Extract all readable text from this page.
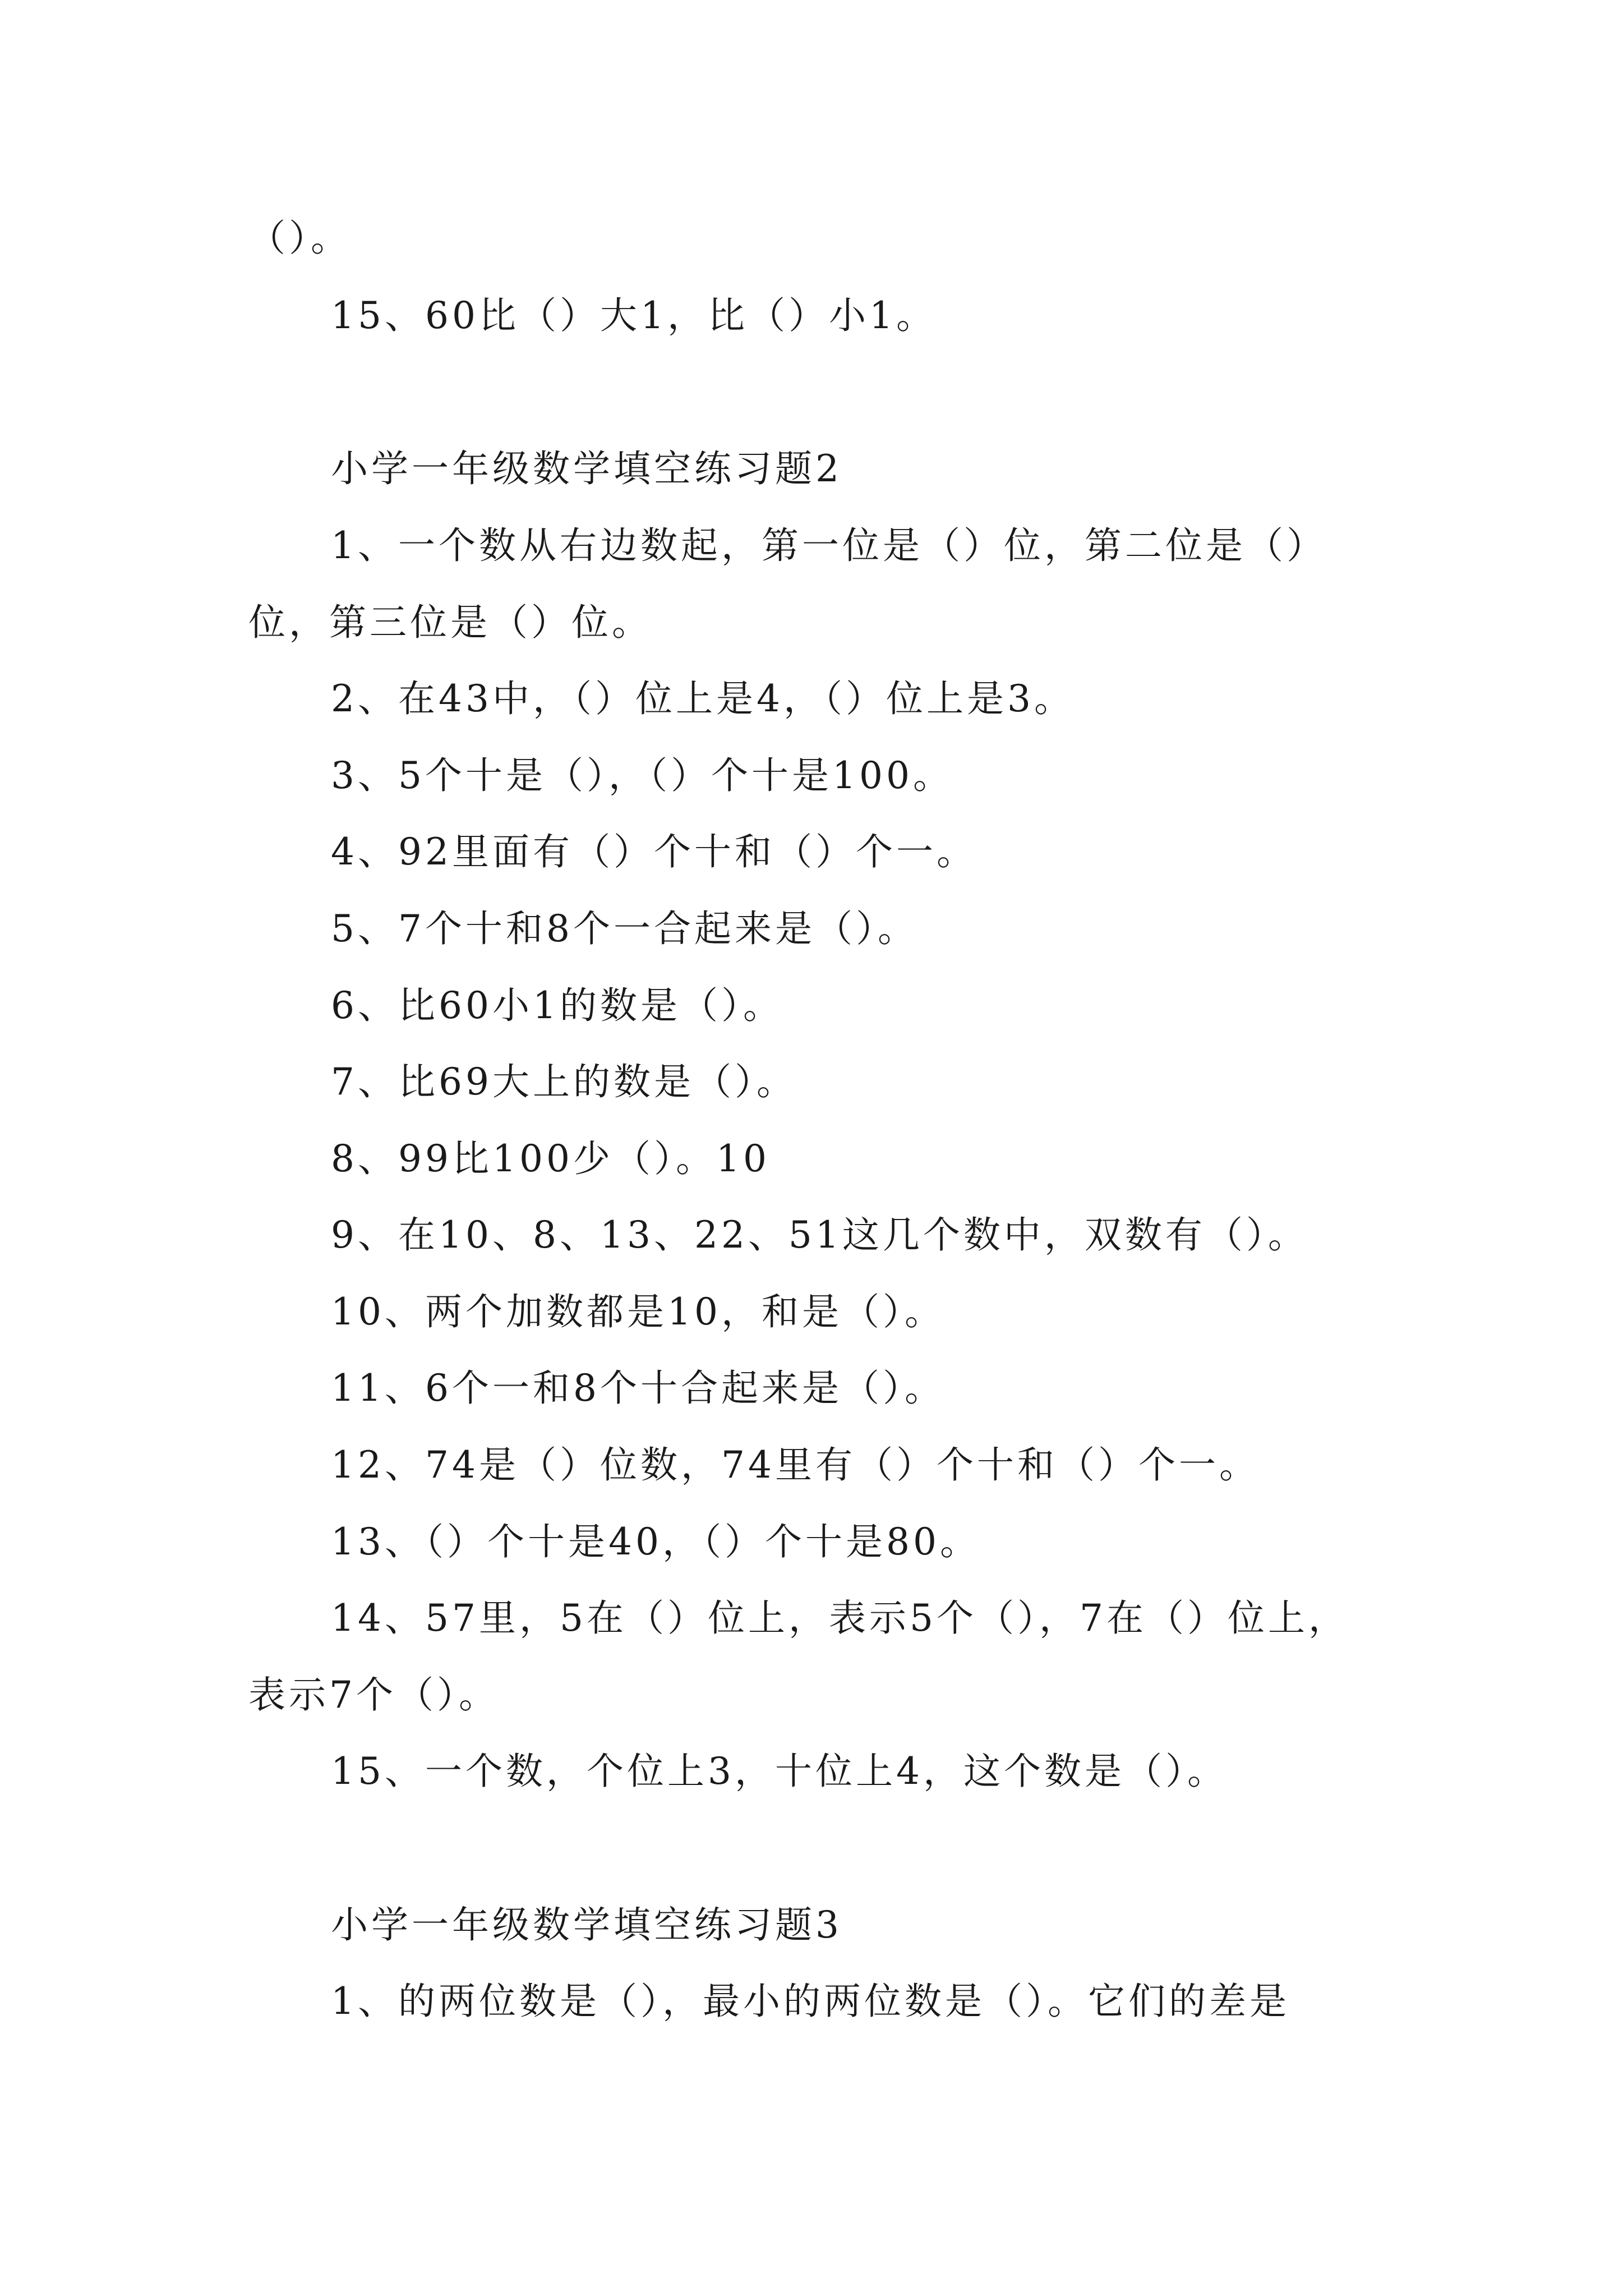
（）。
15、60比（）大1，比（）小1。
小学一年级数学填空练习题2
1、一个数从右边数起，第一位是（）位，第二位是（）
位，第三位是（）位。
2、在43中，（）位上是4，（）位上是3。
3、5个十是（），（）个十是100。
4、92里面有（）个十和（）个一。
5、7个十和8个一合起来是（）。
6、比60小1的数是（）。
7、比69大上的数是（）。
8、99比100少（）。10
9、在10、8、13、22、51这几个数中，双数有（）。
10、两个加数都是10，和是（）。
11、6个一和8个十合起来是（）。
12、74是（）位数，74里有（）个十和（）个一。
13、（）个十是40，（）个十是80。
14、57里，5在（）位上，表示5个（），7在（）位上，
表示7个（）。
15、一个数，个位上3，十位上4，这个数是（）。
小学一年级数学填空练习题3
1、的两位数是（），最小的两位数是（）。它们的差是
